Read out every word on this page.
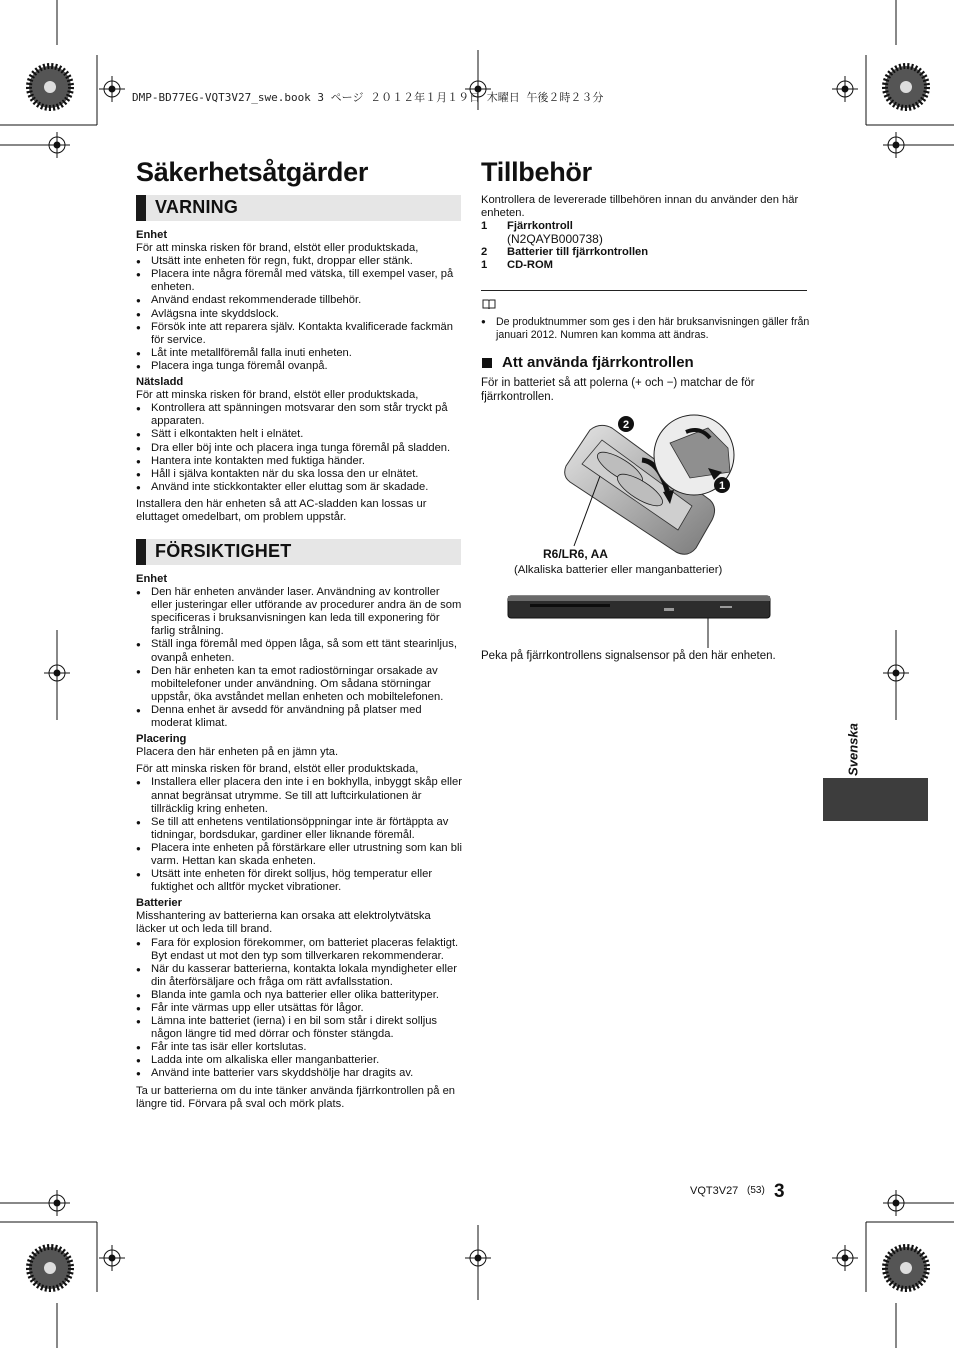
DMP-BD77EG-VQT3V27_swe.book 3 ページ ２０１２年１月１９日 木曜日 午後２時２３分
Säkerhetsåtgärder
VARNING

Enhet

För att minska risken för brand, elstöt eller produktskada,

● Utsätt inte enheten för regn, fukt, droppar eller stänk.
● Placera inte några föremål med vätska, till exempel vaser, på enheten.
● Använd endast rekommenderade tillbehör.
● Avlägsna inte skyddslock.
● Försök inte att reparera själv. Kontakta kvalificerade fackmän för service.
● Låt inte metallföremål falla inuti enheten.
● Placera inga tunga föremål ovanpå.

Nätsladd

För att minska risken för brand, elstöt eller produktskada,

● Kontrollera att spänningen motsvarar den som står tryckt på apparaten.
● Sätt i elkontakten helt i elnätet.
● Dra eller böj inte och placera inga tunga föremål på sladden.
● Hantera inte kontakten med fuktiga händer.
● Håll i själva kontakten när du ska lossa den ur elnätet.
● Använd inte stickkontakter eller eluttag som är skadade.

Installera den här enheten så att AC-sladden kan lossas ur eluttaget omedelbart, om problem uppstår.

FÖRSIKTIGHET

Enhet

● Den här enheten använder laser. Användning av kontroller eller justeringar eller utförande av procedurer andra än de som specificeras i bruksanvisningen kan leda till exponering för farlig strålning.
● Ställ inga föremål med öppen låga, så som ett tänt stearinljus, ovanpå enheten.
● Den här enheten kan ta emot radiostörningar orsakade av mobiltelefoner under användning. Om sådana störningar uppstår, öka avståndet mellan enheten och mobiltelefonen.
● Denna enhet är avsedd för användning på platser med moderat klimat.

Placering

Placera den här enheten på en jämn yta.

För att minska risken för brand, elstöt eller produktskada,

● Installera eller placera den inte i en bokhylla, inbyggt skåp eller annat begränsat utrymme. Se till att luftcirkulationen är tillräcklig kring enheten.
● Se till att enhetens ventilationsöppningar inte är förtäppta av tidningar, bordsdukar, gardiner eller liknande föremål.
● Placera inte enheten på förstärkare eller utrustning som kan bli varm. Hettan kan skada enheten.
● Utsätt inte enheten för direkt solljus, hög temperatur eller fuktighet och alltför mycket vibrationer.

Batterier

Misshantering av batterierna kan orsaka att elektrolytvätska läcker ut och leda till brand.

● Fara för explosion förekommer, om batteriet placeras felaktigt. Byt endast ut mot den typ som tillverkaren rekommenderar.
● När du kasserar batterierna, kontakta lokala myndigheter eller din återförsäljare och fråga om rätt avfallsstation.
● Blanda inte gamla och nya batterier eller olika batterityper.
● Får inte värmas upp eller utsättas för lågor.
● Lämna inte batteriet (ierna) i en bil som står i direkt solljus någon längre tid med dörrar och fönster stängda.
● Får inte tas isär eller kortslutas.
● Ladda inte om alkaliska eller manganbatterier.
● Använd inte batterier vars skyddshölje har dragits av.

Ta ur batterierna om du inte tänker använda fjärrkontrollen på en längre tid. Förvara på sval och mörk plats.

Tillbehör

Kontrollera de levererade tillbehören innan du använder den här enheten.

1	Fjärrkontroll
(N2QAYB000738)
2	Batterier till fjärrkontrollen
1	CD-ROM
● De produktnummer som ges i den här bruksanvisningen gäller från januari 2012. Numren kan komma att ändras.
Att använda fjärrkontrollen

För in batteriet så att polerna (+ och −) matchar de för fjärrkontrollen.

2
1
R6/LR6, AA
(Alkaliska batterier eller manganbatterier)

Peka på fjärrkontrollens signalsensor på den här enheten.

Svenska
VQT3V27 (53) 3
